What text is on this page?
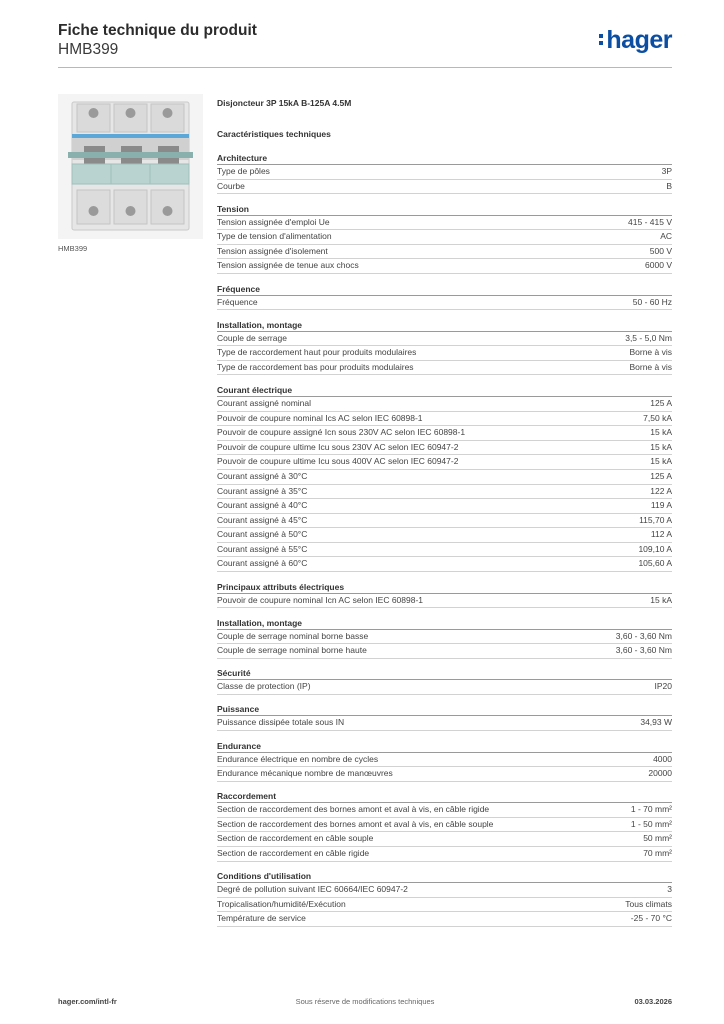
Fiche technique du produit
HMB399	hager
HMB399
Disjoncteur 3P 15kA B-125A 4.5M
Caractéristiques techniques
Architecture
Type de pôles	3P
Courbe	B
Tension
Tension assignée d'emploi Ue	415 - 415 V
Type de tension d'alimentation	AC
Tension assignée d'isolement	500 V
Tension assignée de tenue aux chocs	6000 V
Fréquence
Fréquence	50 - 60 Hz
Installation, montage
Couple de serrage	3,5 - 5,0 Nm
Type de raccordement haut pour produits modulaires	Borne à vis
Type de raccordement bas pour produits modulaires	Borne à vis
Courant électrique
Courant assigné nominal	125 A
Pouvoir de coupure nominal Ics AC selon IEC 60898-1	7,50 kA
Pouvoir de coupure assigné Icn sous 230V AC selon IEC 60898-1	15 kA
Pouvoir de coupure ultime Icu sous 230V AC selon IEC 60947-2	15 kA
Pouvoir de coupure ultime Icu sous 400V AC selon IEC 60947-2	15 kA
Courant assigné à 30°C	125 A
Courant assigné à 35°C	122 A
Courant assigné à 40°C	119 A
Courant assigné à 45°C	115,70 A
Courant assigné à 50°C	112 A
Courant assigné à 55°C	109,10 A
Courant assigné à 60°C	105,60 A
Principaux attributs électriques
Pouvoir de coupure nominal Icn AC selon IEC 60898-1	15 kA
Installation, montage
Couple de serrage nominal borne basse	3,60 - 3,60 Nm
Couple de serrage nominal borne haute	3,60 - 3,60 Nm
Sécurité
Classe de protection (IP)	IP20
Puissance
Puissance dissipée totale sous IN	34,93 W
Endurance
Endurance électrique en nombre de cycles	4000
Endurance mécanique nombre de manœuvres	20000
Raccordement
Section de raccordement des bornes amont et aval à vis, en câble rigide	1 - 70 mm²
Section de raccordement des bornes amont et aval à vis, en câble souple	1 - 50 mm²
Section de raccordement en câble souple	50 mm²
Section de raccordement en câble rigide	70 mm²
Conditions d'utilisation
Degré de pollution suivant IEC 60664/IEC 60947-2	3
Tropicalisation/humidité/Exécution	Tous climats
Température de service	-25 - 70 °C
hager.com/intl-fr	Sous réserve de modifications techniques	03.03.2026
